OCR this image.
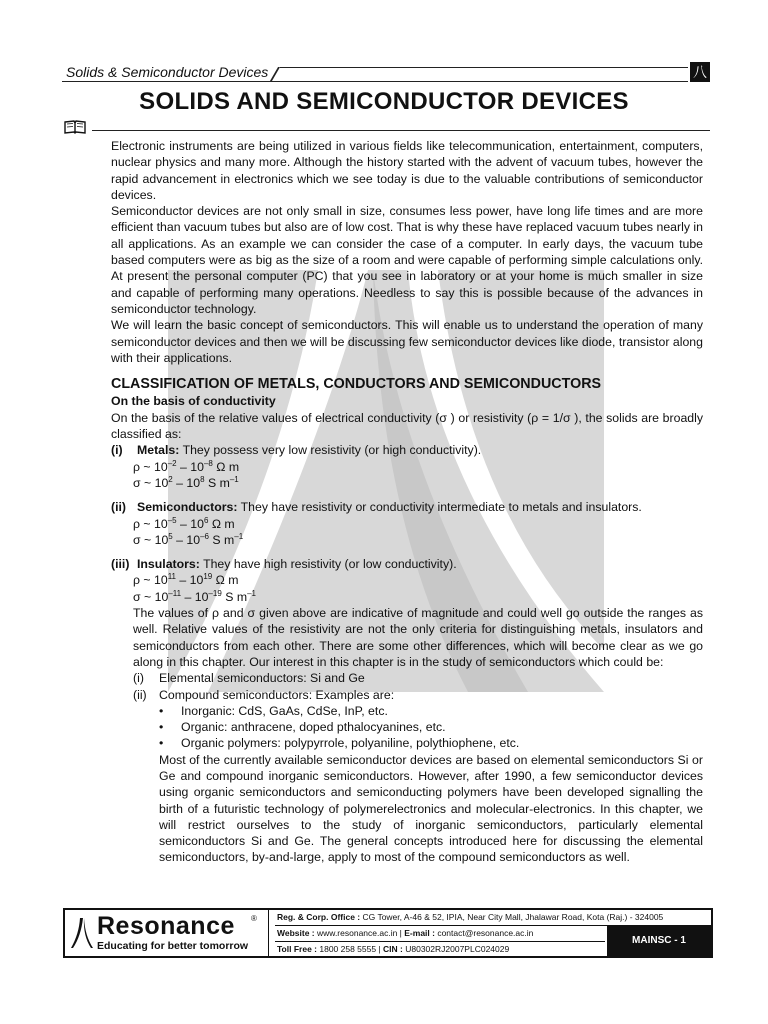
Solids & Semiconductor Devices	八
SOLIDS AND SEMICONDUCTOR DEVICES

Electronic instruments are being utilized in various fields like telecommunication, entertainment, computers, nuclear physics and many more. Although the history started with the advent of vacuum tubes, however the rapid advancement in electronics which we see today is due to the valuable contributions of semiconductor devices.

Semiconductor devices are not only small in size, consumes less power, have long life times and are more efficient than vacuum tubes but also are of low cost. That is why these have replaced vacuum tubes nearly in all applications. As an example we can consider the case of a computer. In early days, the vacuum tube based computers were as big as the size of a room and were capable of performing simple calculations only. At present the personal computer (PC) that you see in laboratory or at your home is much smaller in size and capable of performing many operations. Needless to say this is possible because of the advances in semiconductor technology.

We will learn the basic concept of semiconductors. This will enable us to understand the operation of many semiconductor devices and then we will be discussing few semiconductor devices like diode, transistor along with their applications.

CLASSIFICATION OF METALS, CONDUCTORS AND SEMICONDUCTORS

On the basis of conductivity

On the basis of the relative values of electrical conductivity (σ ) or resistivity (ρ = 1/σ ), the solids are broadly classified as:

(i) Metals: They possess very low resistivity (or high conductivity).
ρ ~ $10^{-2} - 10^{-8}$ Ω m
σ ~ $10^2 - 10^8$ S $m^{-1}$
(ii) Semiconductors: They have resistivity or conductivity intermediate to metals and insulators.
ρ ~ $10^{-5} - 10^6$ Ω m
σ ~ $10^5 - 10^{-6}$ S $m^{-1}$
(iii) Insulators: They have high resistivity (or low conductivity).
ρ ~ $10^{11} - 10^{19}$ Ω m
σ ~ $10^{-11} - 10^{-19}$ S $m^{-1}$

The values of ρ and σ given above are indicative of magnitude and could well go outside the ranges as well. Relative values of the resistivity are not the only criteria for distinguishing metals, insulators and semiconductors from each other. There are some other differences, which will become clear as we go along in this chapter. Our interest in this chapter is in the study of semiconductors which could be:

(i) Elemental semiconductors: Si and Ge
(ii) Compound semiconductors: Examples are:
• Inorganic: CdS, GaAs, CdSe, InP, etc.
• Organic: anthracene, doped pthalocyanines, etc.
• Organic polymers: polypyrrole, polyaniline, polythiophene, etc.

Most of the currently available semiconductor devices are based on elemental semiconductors Si or Ge and compound inorganic semiconductors. However, after 1990, a few semiconductor devices using organic semiconductors and semiconducting polymers have been developed signalling the birth of a futuristic technology of polymerelectronics and molecular-electronics. In this chapter, we will restrict ourselves to the study of inorganic semiconductors, particularly elemental semiconductors Si and Ge. The general concepts introduced here for discussing the elemental semiconductors, by-and-large, apply to most of the compound semiconductors as well.

Resonance ®
Educating for better tomorrow
Reg. & Corp. Office : CG Tower, A-46 & 52, IPIA, Near City Mall, Jhalawar Road, Kota (Raj.) - 324005
Website : www.resonance.ac.in | E-mail : contact@resonance.ac.in
Toll Free : 1800 258 5555 | CIN : U80302RJ2007PLC024029
MAINSC - 1
